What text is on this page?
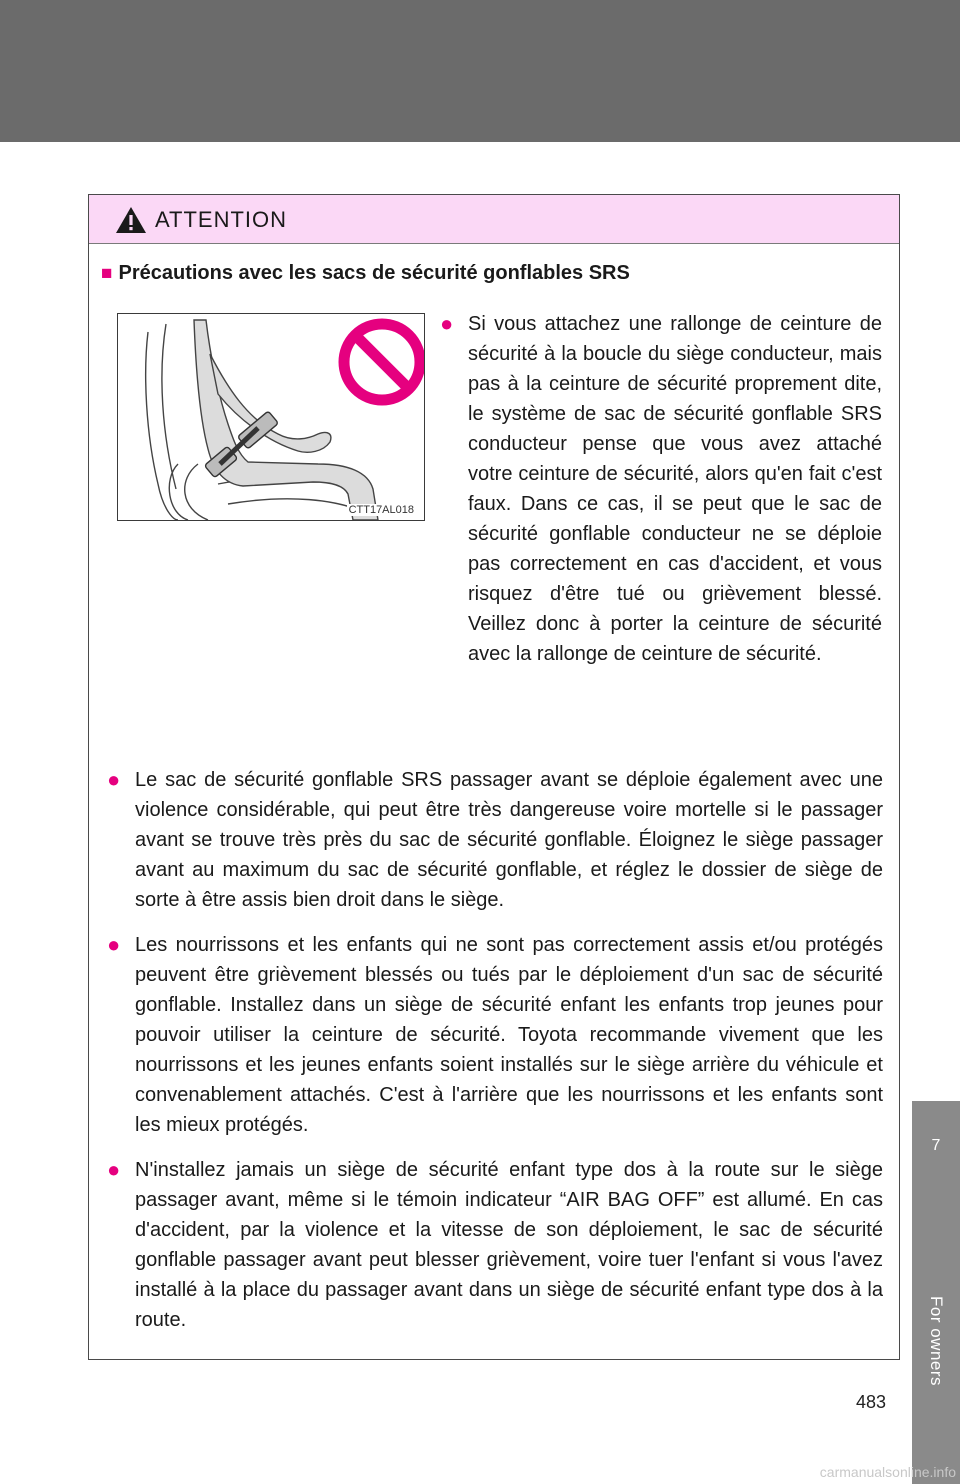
ATTENTION
■ Précautions avec les sacs de sécurité gonflables SRS
CTT17AL018
● Si vous attachez une rallonge de ceinture de sécurité à la boucle du siège conducteur, mais pas à la ceinture de sécurité proprement dite, le système de sac de sécurité gonflable SRS conducteur pense que vous avez attaché votre ceinture de sécurité, alors qu'en fait c'est faux. Dans ce cas, il se peut que le sac de sécurité gonflable conducteur ne se déploie pas correctement en cas d'accident, et vous risquez d'être tué ou grièvement blessé. Veillez donc à porter la ceinture de sécurité avec la rallonge de ceinture de sécurité.
● Le sac de sécurité gonflable SRS passager avant se déploie également avec une violence considérable, qui peut être très dangereuse voire mortelle si le passager avant se trouve très près du sac de sécurité gonflable. Éloignez le siège passager avant au maximum du sac de sécurité gonflable, et réglez le dossier de siège de sorte à être assis bien droit dans le siège.
● Les nourrissons et les enfants qui ne sont pas correctement assis et/ou protégés peuvent être grièvement blessés ou tués par le déploiement d'un sac de sécurité gonflable. Installez dans un siège de sécurité enfant les enfants trop jeunes pour pouvoir utiliser la ceinture de sécurité. Toyota recommande vivement que les nourrissons et les jeunes enfants soient installés sur le siège arrière du véhicule et convenablement attachés. C'est à l'arrière que les nourrissons et les enfants sont les mieux protégés.
● N'installez jamais un siège de sécurité enfant type dos à la route sur le siège passager avant, même si le témoin indicateur “AIR BAG OFF” est allumé. En cas d'accident, par la violence et la vitesse de son déploiement, le sac de sécurité gonflable passager avant peut blesser grièvement, voire tuer l'enfant si vous l'avez installé à la place du passager avant dans un siège de sécurité enfant type dos à la route.
7
For owners
483
carmanualsonline.info
